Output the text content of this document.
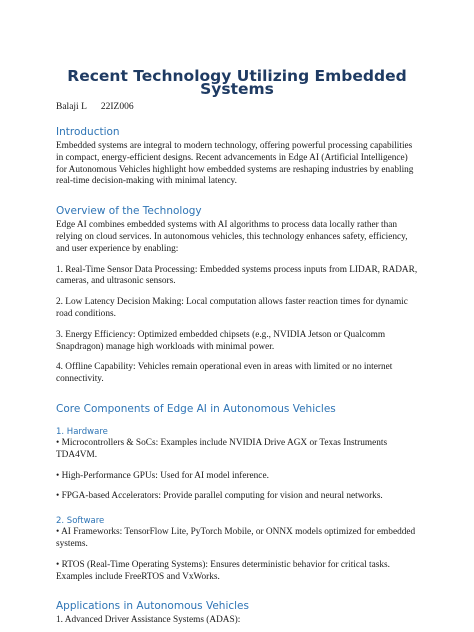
Recent Technology Utilizing Embedded Systems
Balaji L 22IZ006
Introduction

Embedded systems are integral to modern technology, offering powerful processing capabilities in compact, energy-efficient designs. Recent advancements in Edge AI (Artificial Intelligence) for Autonomous Vehicles highlight how embedded systems are reshaping industries by enabling real-time decision-making with minimal latency.

Overview of the Technology

Edge AI combines embedded systems with AI algorithms to process data locally rather than relying on cloud services. In autonomous vehicles, this technology enhances safety, efficiency, and user experience by enabling:

1. Real-Time Sensor Data Processing: Embedded systems process inputs from LIDAR, RADAR, cameras, and ultrasonic sensors.

2. Low Latency Decision Making: Local computation allows faster reaction times for dynamic road conditions.

3. Energy Efficiency: Optimized embedded chipsets (e.g., NVIDIA Jetson or Qualcomm Snapdragon) manage high workloads with minimal power.

4. Offline Capability: Vehicles remain operational even in areas with limited or no internet connectivity.

Core Components of Edge AI in Autonomous Vehicles
1. Hardware

• Microcontrollers & SoCs: Examples include NVIDIA Drive AGX or Texas Instruments TDA4VM.

• High-Performance GPUs: Used for AI model inference.

• FPGA-based Accelerators: Provide parallel computing for vision and neural networks.

2. Software

• AI Frameworks: TensorFlow Lite, PyTorch Mobile, or ONNX models optimized for embedded systems.

• RTOS (Real-Time Operating Systems): Ensures deterministic behavior for critical tasks. Examples include FreeRTOS and VxWorks.

Applications in Autonomous Vehicles

1. Advanced Driver Assistance Systems (ADAS):
